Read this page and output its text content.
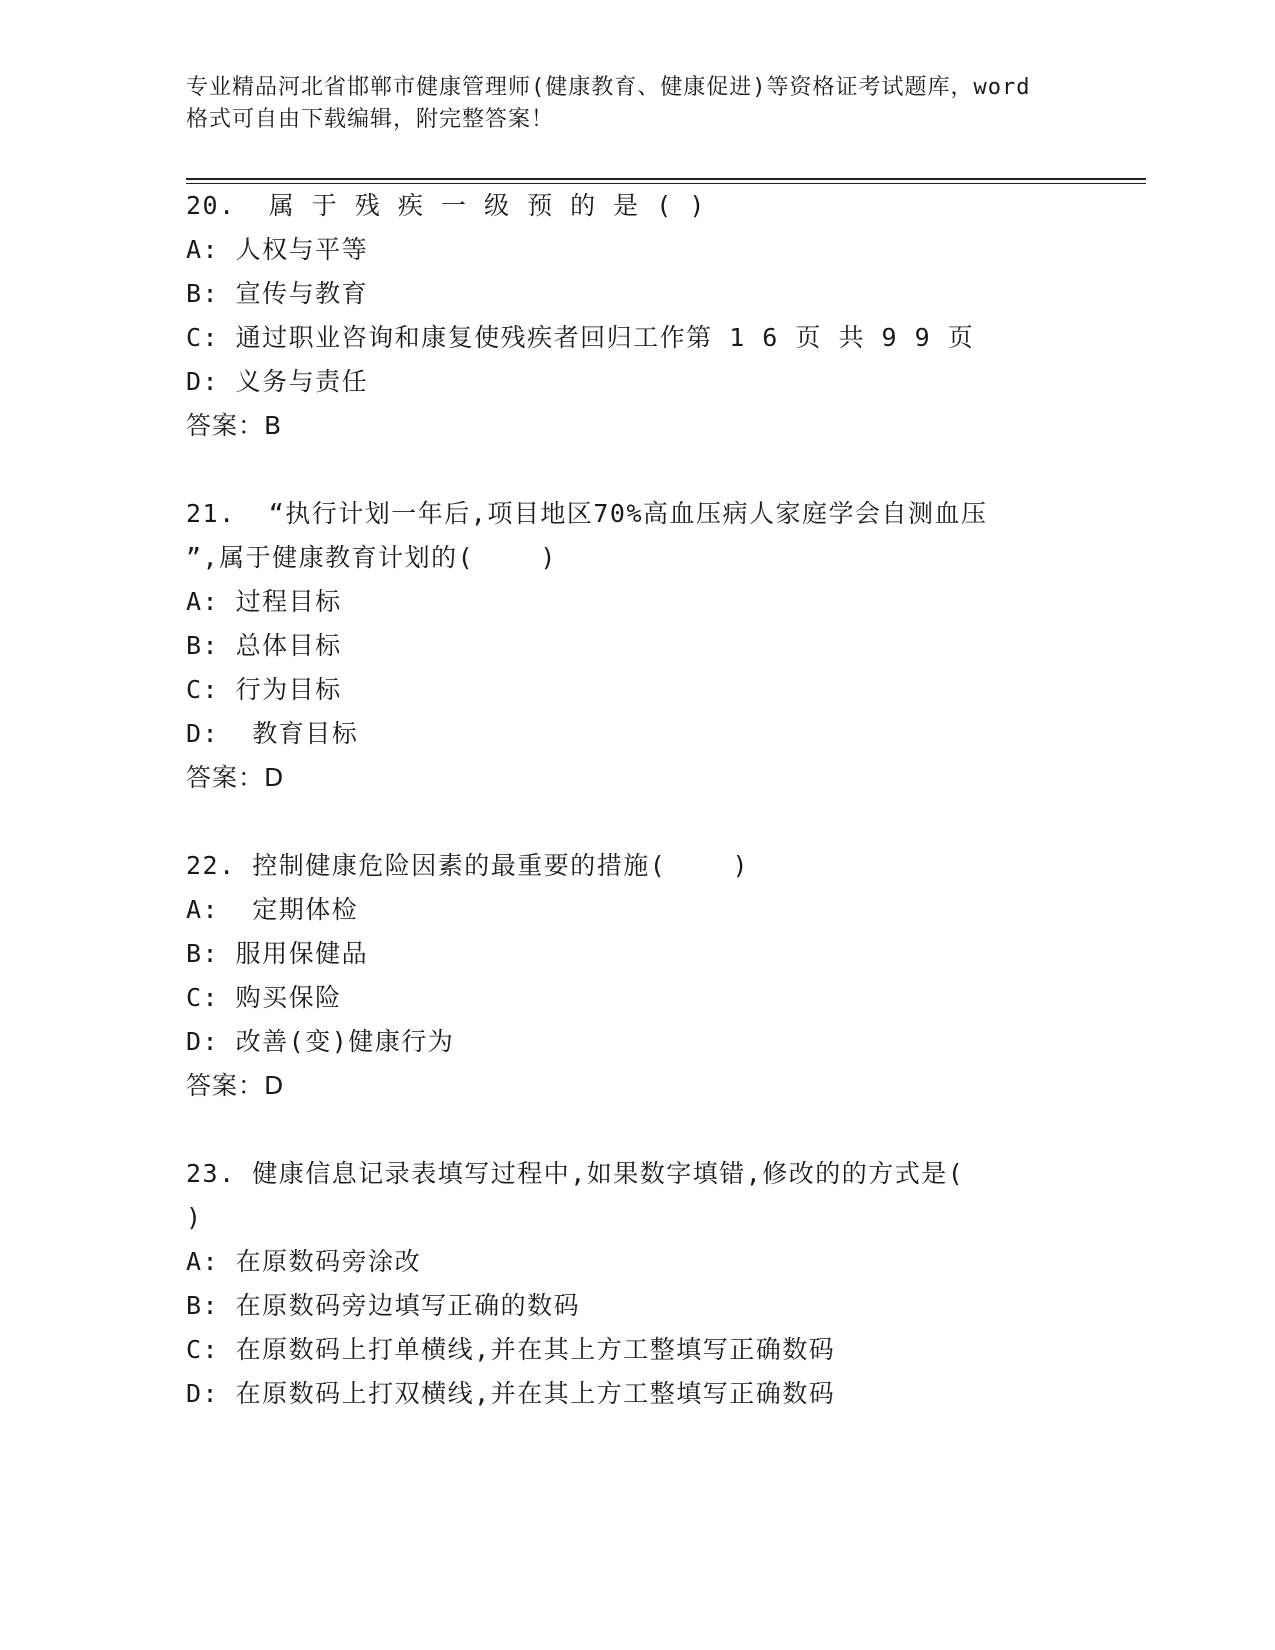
专业精品河北省邯郸市健康管理师(健康教育、健康促进)等资格证考试题库，word
格式可自由下载编辑，附完整答案！
20.  属 于 残 疾 一 级 预 的 是 ( )
A: 人权与平等
B: 宣传与教育
C: 通过职业咨询和康复使残疾者回归工作第 1 6 页 共 9 9 页
D: 义务与责任
答案：B
21.  “执行计划一年后,项目地区70%高血压病人家庭学会自测血压
”,属于健康教育计划的(    )
A: 过程目标
B: 总体目标
C: 行为目标
D:  教育目标
答案：D
22. 控制健康危险因素的最重要的措施(    )
A:  定期体检
B: 服用保健品
C: 购买保险
D: 改善(变)健康行为
答案：D
23. 健康信息记录表填写过程中,如果数字填错,修改的的方式是(
)
A: 在原数码旁涂改
B: 在原数码旁边填写正确的数码
C: 在原数码上打单横线,并在其上方工整填写正确数码
D: 在原数码上打双横线,并在其上方工整填写正确数码
